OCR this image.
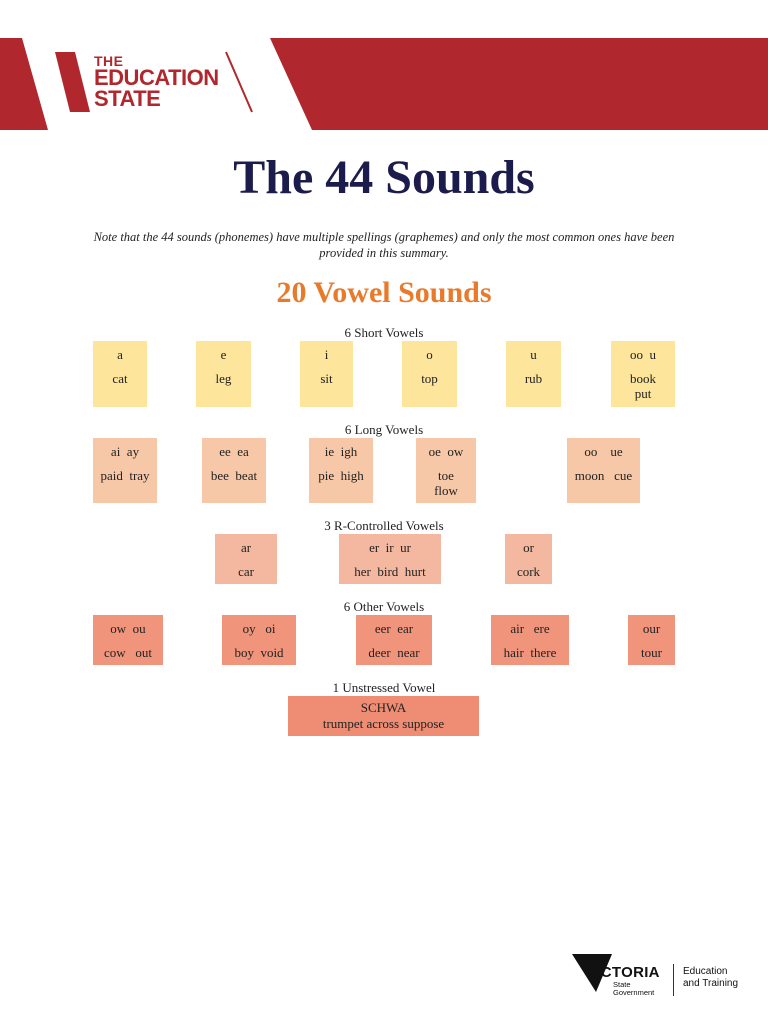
THE
EDUCATION
STATE
The 44 Sounds
Note that the 44 sounds (phonemes) have multiple spellings (graphemes) and only the most common ones have been provided in this summary.
20 Vowel Sounds
6 Short Vowels
a
cat
e
leg
i
sit
o
top
u
rub
oo  u
book
put
6 Long Vowels
ai  ay
paid  tray
ee  ea
bee  beat
ie  igh
pie  high
oe  ow
toe
flow
oo    ue
moon   cue
3 R-Controlled Vowels
ar
car
er  ir  ur
her  bird  hurt
or
cork
6 Other Vowels
ow  ou
cow   out
oy   oi
boy  void
eer  ear
deer  near
air   ere
hair  there
our
tour
1 Unstressed Vowel
SCHWA
trumpet across suppose
VICTORIA
State
Government
Education
and Training
